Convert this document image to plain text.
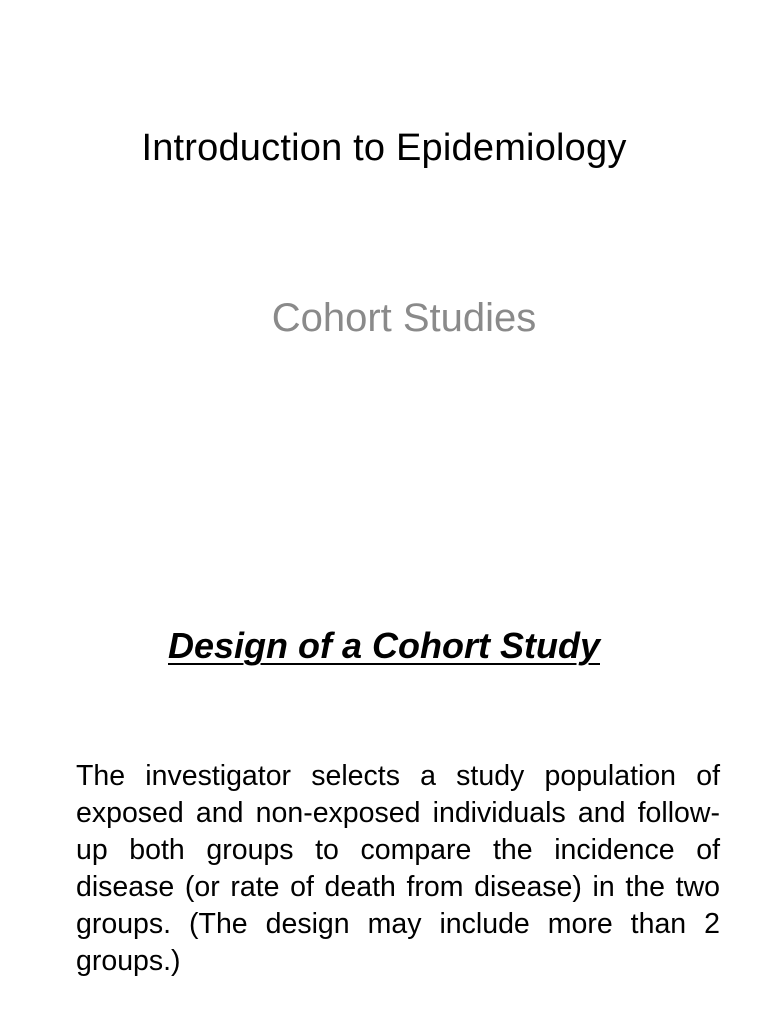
Introduction to Epidemiology
Cohort Studies
Design of a Cohort Study

The investigator selects a study population of exposed and non-exposed individuals and follow-up both groups to compare the incidence of disease (or rate of death from disease) in the two groups. (The design may include more than 2 groups.)
